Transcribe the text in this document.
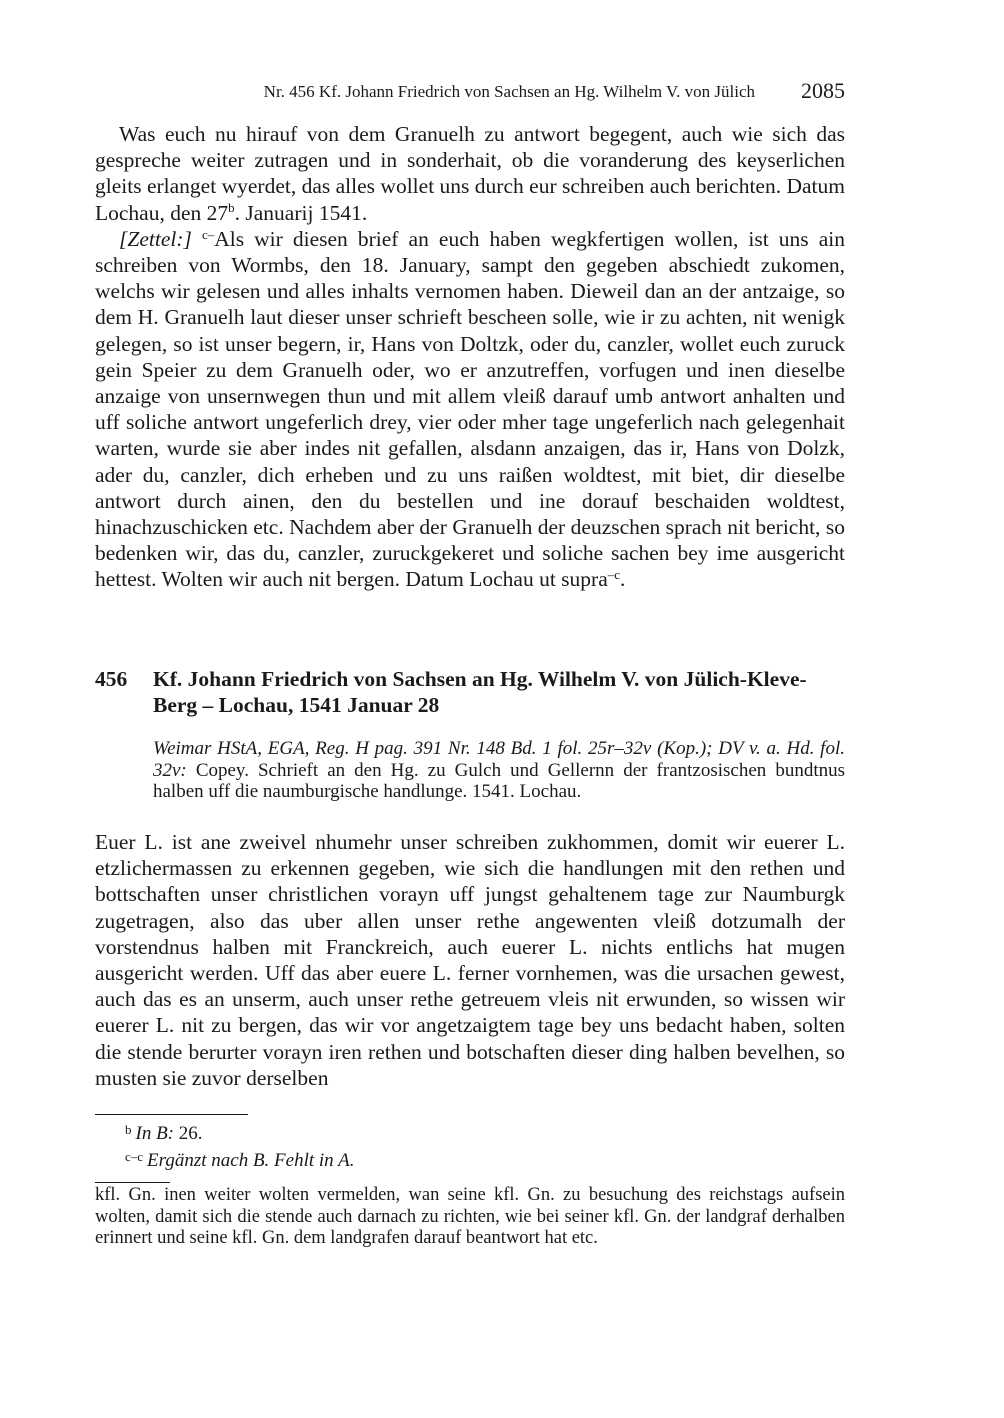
Nr. 456 Kf. Johann Friedrich von Sachsen an Hg. Wilhelm V. von Jülich 2085

Was euch nu hirauf von dem Granuelh zu antwort begegent, auch wie sich das gespreche weiter zutragen und in sonderhait, ob die voranderung des keyserlichen gleits erlanget wyerdet, das alles wollet uns durch eur schreiben auch berichten. Datum Lochau, den 27$^b$. Januarij 1541.

[Zettel:] $^{c-}$Als wir diesen brief an euch haben wegkfertigen wollen, ist uns ain schreiben von Wormbs, den 18. January, sampt den gegeben abschiedt zukomen, welchs wir gelesen und alles inhalts vernomen haben. Dieweil dan an der antzaige, so dem H. Granuelh laut dieser unser schrieft bescheen solle, wie ir zu achten, nit wenigk gelegen, so ist unser begern, ir, Hans von Doltzk, oder du, canzler, wollet euch zuruck gein Speier zu dem Granuelh oder, wo er anzutreffen, vorfugen und inen dieselbe anzaige von unsernwegen thun und mit allem vleiß darauf umb antwort anhalten und uff soliche antwort ungeferlich drey, vier oder mher tage ungeferlich nach gelegenhait warten, wurde sie aber indes nit gefallen, alsdann anzaigen, das ir, Hans von Dolzk, ader du, canzler, dich erheben und zu uns raißen woldtest, mit biet, dir dieselbe antwort durch ainen, den du bestellen und ine dorauf beschaiden woldtest, hinachzuschicken etc. Nachdem aber der Granuelh der deuzschen sprach nit bericht, so bedenken wir, das du, canzler, zuruckgekeret und soliche sachen bey ime ausgericht hettest. Wolten wir auch nit bergen. Datum Lochau ut supra$^{-c}$.

456 Kf. Johann Friedrich von Sachsen an Hg. Wilhelm V. von Jülich-Kleve-Berg – Lochau, 1541 Januar 28
Weimar HStA, EGA, Reg. H pag. 391 Nr. 148 Bd. 1 fol. 25r–32v (Kop.); DV v. a. Hd. fol. 32v: Copey. Schrieft an den Hg. zu Gulch und Gellernn der frantzosischen bundtnus halben uff die naumburgische handlunge. 1541. Lochau.

Euer L. ist ane zweivel nhumehr unser schreiben zukhommen, domit wir euerer L. etzlichermassen zu erkennen gegeben, wie sich die handlungen mit den rethen und bottschaften unser christlichen vorayn uff jungst gehaltenem tage zur Naumburgk zugetragen, also das uber allen unser rethe angewenten vleiß dotzumalh der vorstendnus halben mit Franckreich, auch euerer L. nichts entlichs hat mugen ausgericht werden. Uff das aber euere L. ferner vornhemen, was die ursachen gewest, auch das es an unserm, auch unser rethe getreuem vleis nit erwunden, so wissen wir euerer L. nit zu bergen, das wir vor angetzaigtem tage bey uns bedacht haben, solten die stende berurter vorayn iren rethen und botschaften dieser ding halben bevelhen, so musten sie zuvor derselben

b In B: 26.
c–c Ergänzt nach B. Fehlt in A.
kfl. Gn. inen weiter wolten vermelden, wan seine kfl. Gn. zu besuchung des reichstags aufsein wolten, damit sich die stende auch darnach zu richten, wie bei seiner kfl. Gn. der landgraf derhalben erinnert und seine kfl. Gn. dem landgrafen darauf beantwort hat etc.
